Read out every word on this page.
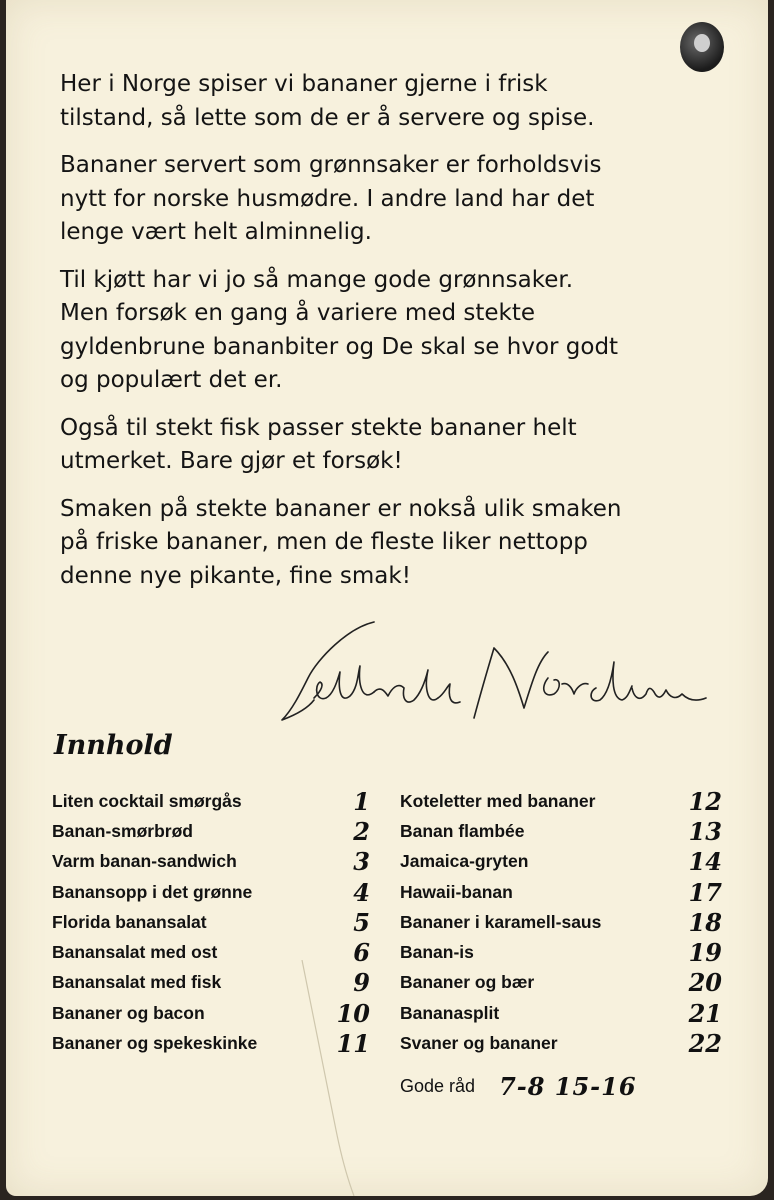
Her i Norge spiser vi bananer gjerne i frisk
tilstand, så lette som de er å servere og spise.

Bananer servert som grønnsaker er forholdsvis
nytt for norske husmødre. I andre land har det
lenge vært helt alminnelig.

Til kjøtt har vi jo så mange gode grønnsaker.
Men forsøk en gang å variere med stekte
gyldenbrune bananbiter og De skal se hvor godt
og populært det er.

Også til stekt fisk passer stekte bananer helt
utmerket. Bare gjør et forsøk!

Smaken på stekte bananer er nokså ulik smaken
på friske bananer, men de fleste liker nettopp
denne nye pikante, fine smak!

Innhold
Liten cocktail smørgås	1
Banan-smørbrød	2
Varm banan-sandwich	3
Banansopp i det grønne	4
Florida banansalat	5
Banansalat med ost	6
Banansalat med fisk	9
Bananer og bacon	10
Bananer og spekeskinke	11
Koteletter med bananer	12
Banan flambée	13
Jamaica-gryten	14
Hawaii-banan	17
Bananer i karamell-saus	18
Banan-is	19
Bananer og bær	20
Bananasplit	21
Svaner og bananer	22
Gode råd 7-8 15-16
